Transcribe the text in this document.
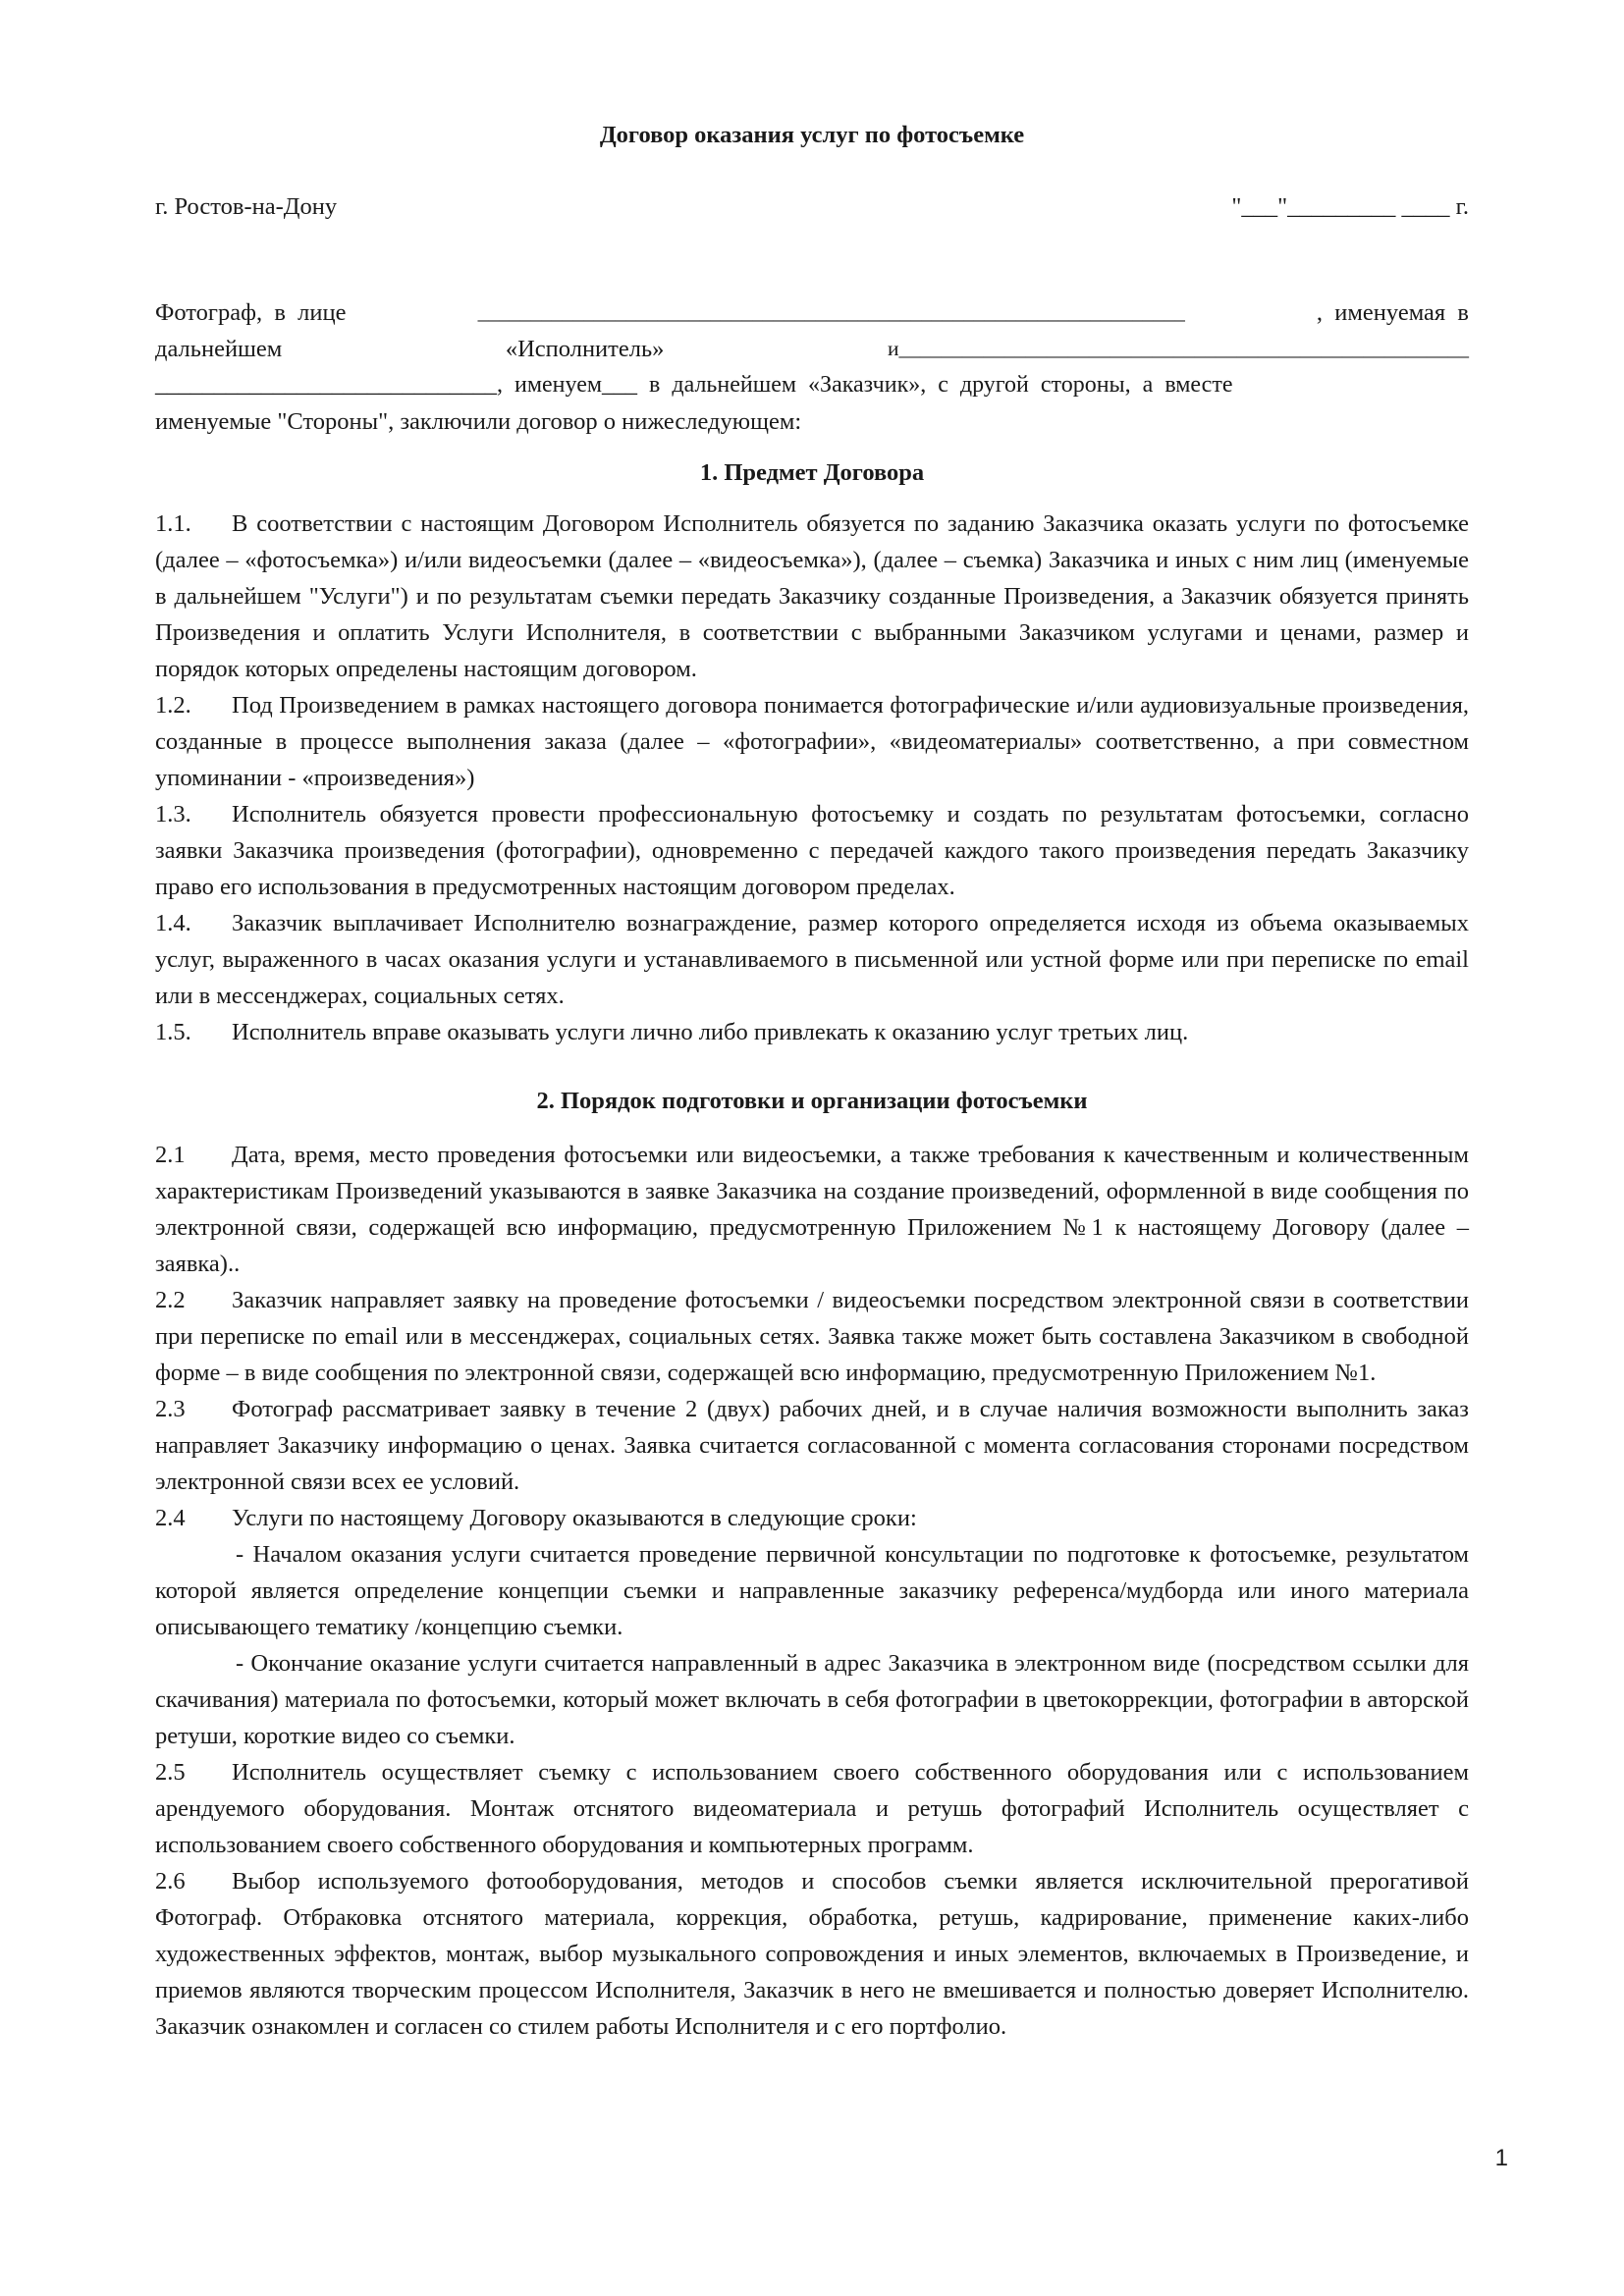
Договор оказания услуг по фотосъемке
г. Ростов-на-Дону	"___"_________ ____ г.
Фотограф,  в  лице	___________________________________________________________________	,  именуемая  в
дальнейшем	«Исполнитель»	и______________________________________________________
_____________________________,  именуем___  в  дальнейшем  «Заказчик»,  с  другой  стороны,  а  вместе
именуемые "Стороны", заключили договор о нижеследующем:
1. Предмет Договора

1.1. В соответствии с настоящим Договором Исполнитель обязуется по заданию Заказчика оказать услуги по фотосъемке (далее – «фотосъемка») и/или видеосъемки (далее – «видеосъемка»), (далее – съемка) Заказчика и иных с ним лиц (именуемые в дальнейшем "Услуги") и по результатам съемки передать Заказчику созданные Произведения, а Заказчик обязуется принять Произведения и оплатить Услуги Исполнителя, в соответствии с выбранными Заказчиком услугами и ценами, размер и порядок которых определены настоящим договором.

1.2. Под Произведением в рамках настоящего договора понимается фотографические и/или аудиовизуальные произведения, созданные в процессе выполнения заказа (далее – «фотографии», «видеоматериалы» соответственно, а при совместном упоминании - «произведения»)

1.3. Исполнитель обязуется провести профессиональную фотосъемку и создать по результатам фотосъемки, согласно заявки Заказчика произведения (фотографии), одновременно с передачей каждого такого произведения передать Заказчику право его использования в предусмотренных настоящим договором пределах.

1.4. Заказчик выплачивает Исполнителю вознаграждение, размер которого определяется исходя из объема оказываемых услуг, выраженного в часах оказания услуги и устанавливаемого в письменной или устной форме или при переписке по email или в мессенджерах, социальных сетях.

1.5. Исполнитель вправе оказывать услуги лично либо привлекать к оказанию услуг третьих лиц.

2. Порядок подготовки и организации фотосъемки

2.1 Дата, время, место проведения фотосъемки или видеосъемки, а также требования к качественным и количественным характеристикам Произведений указываются в заявке Заказчика на создание произведений, оформленной в виде сообщения по электронной связи, содержащей всю информацию, предусмотренную Приложением №1 к настоящему Договору (далее – заявка)..

2.2 Заказчик направляет заявку на проведение фотосъемки / видеосъемки посредством электронной связи в соответствии при переписке по email или в мессенджерах, социальных сетях. Заявка также может быть составлена Заказчиком в свободной форме – в виде сообщения по электронной связи, содержащей всю информацию, предусмотренную Приложением №1.

2.3 Фотограф рассматривает заявку в течение 2 (двух) рабочих дней, и в случае наличия возможности выполнить заказ направляет Заказчику информацию о ценах. Заявка считается согласованной с момента согласования сторонами посредством электронной связи всех ее условий.

2.4 Услуги по настоящему Договору оказываются в следующие сроки:

- Началом оказания услуги считается проведение первичной консультации по подготовке к фотосъемке, результатом которой является определение концепции съемки и направленные заказчику референса/мудборда или иного материала описывающего тематику /концепцию съемки.

- Окончание оказание услуги считается направленный в адрес Заказчика в электронном виде (посредством ссылки для скачивания) материала по фотосъемки, который может включать в себя фотографии в цветокоррекции, фотографии в авторской ретуши, короткие видео со съемки.

2.5 Исполнитель осуществляет съемку с использованием своего собственного оборудования или с использованием арендуемого оборудования. Монтаж отснятого видеоматериала и ретушь фотографий Исполнитель осуществляет с использованием своего собственного оборудования и компьютерных программ.

2.6 Выбор используемого фотооборудования, методов и способов съемки является исключительной прерогативой Фотограф. Отбраковка отснятого материала, коррекция, обработка, ретушь, кадрирование, применение каких-либо художественных эффектов, монтаж, выбор музыкального сопровождения и иных элементов, включаемых в Произведение, и приемов являются творческим процессом Исполнителя, Заказчик в него не вмешивается и полностью доверяет Исполнителю. Заказчик ознакомлен и согласен со стилем работы Исполнителя и с его портфолио.

1
